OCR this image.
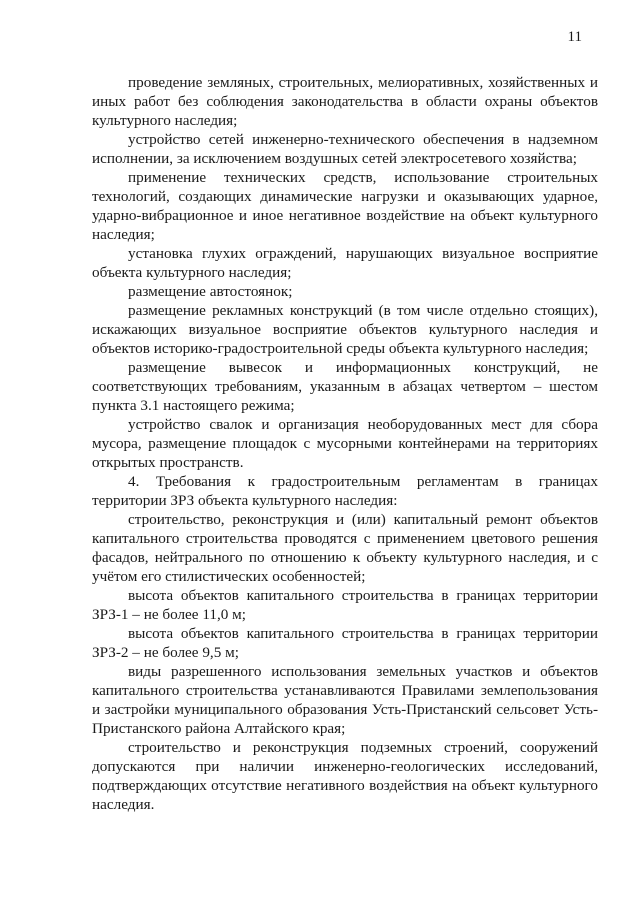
11

проведение земляных, строительных, мелиоративных, хозяйственных и иных работ без соблюдения законодательства в области охраны объектов культурного наследия;

устройство сетей инженерно-технического обеспечения в надземном исполнении, за исключением воздушных сетей электросетевого хозяйства;

применение технических средств, использование строительных технологий, создающих динамические нагрузки и оказывающих ударное, ударно-вибрационное и иное негативное воздействие на объект культурного наследия;

установка глухих ограждений, нарушающих визуальное восприятие объекта культурного наследия;

размещение автостоянок;

размещение рекламных конструкций (в том числе отдельно стоящих), искажающих визуальное восприятие объектов культурного наследия и объектов историко-градостроительной среды объекта культурного наследия;

размещение вывесок и информационных конструкций, не соответствующих требованиям, указанным в абзацах четвертом – шестом пункта 3.1 настоящего режима;

устройство свалок и организация необорудованных мест для сбора мусора, размещение площадок с мусорными контейнерами на территориях открытых пространств.

4. Требования к градостроительным регламентам в границах территории ЗРЗ объекта культурного наследия:

строительство, реконструкция и (или) капитальный ремонт объектов капитального строительства проводятся с применением цветового решения фасадов, нейтрального по отношению к объекту культурного наследия, и с учётом его стилистических особенностей;

высота объектов капитального строительства в границах территории ЗРЗ-1 – не более 11,0 м;

высота объектов капитального строительства в границах территории ЗРЗ-2 – не более 9,5 м;

виды разрешенного использования земельных участков и объектов капитального строительства устанавливаются Правилами землепользования и застройки муниципального образования Усть-Пристанский сельсовет Усть-Пристанского района Алтайского края;

строительство и реконструкция подземных строений, сооружений допускаются при наличии инженерно-геологических исследований, подтверждающих отсутствие негативного воздействия на объект культурного наследия.
